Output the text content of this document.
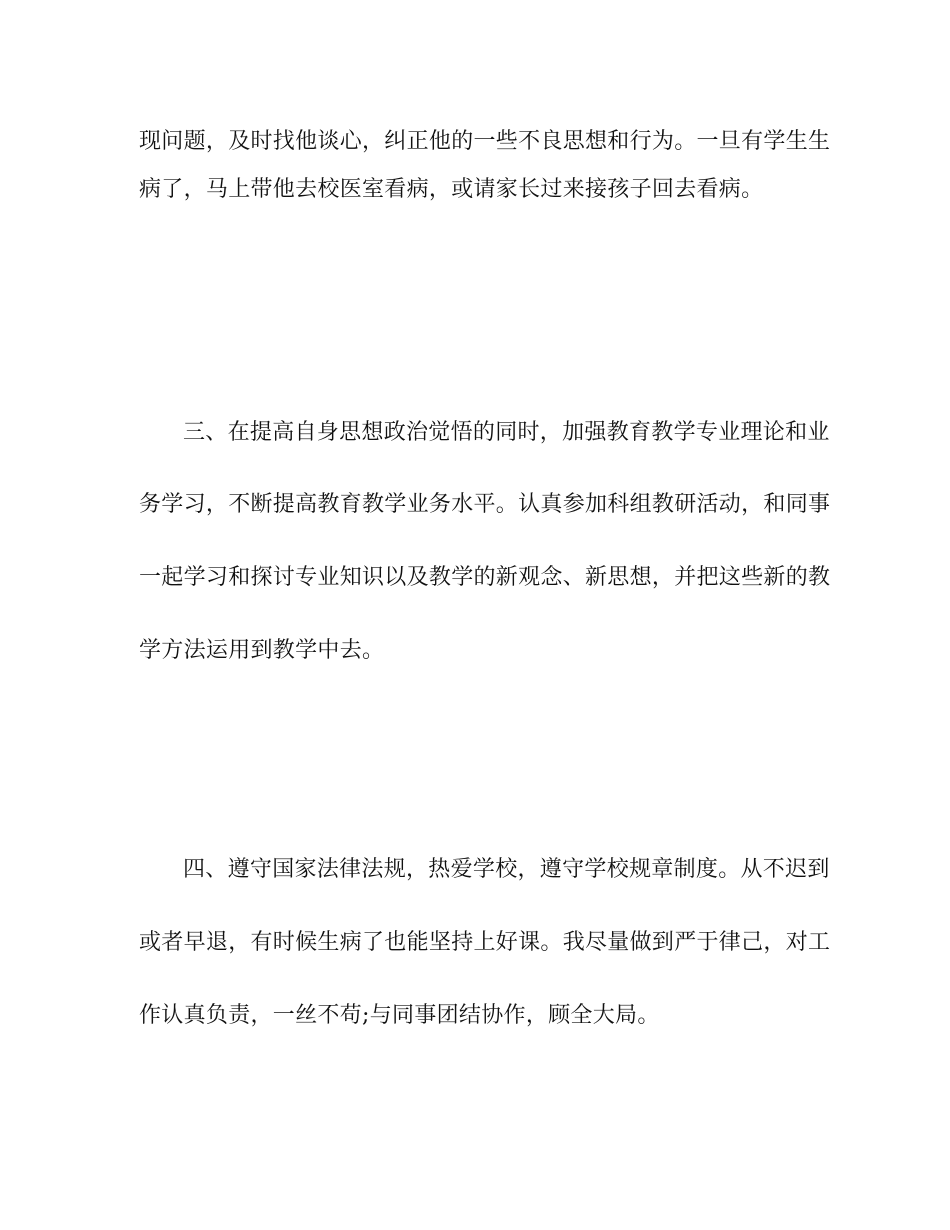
现问题，及时找他谈心，纠正他的一些不良思想和行为。一旦有学生生
病了，马上带他去校医室看病，或请家长过来接孩子回去看病。
三、在提高自身思想政治觉悟的同时，加强教育教学专业理论和业
务学习，不断提高教育教学业务水平。认真参加科组教研活动，和同事
一起学习和探讨专业知识以及教学的新观念、新思想，并把这些新的教
学方法运用到教学中去。
四、遵守国家法律法规，热爱学校，遵守学校规章制度。从不迟到
或者早退，有时候生病了也能坚持上好课。我尽量做到严于律己，对工
作认真负责，一丝不苟;与同事团结协作，顾全大局。
